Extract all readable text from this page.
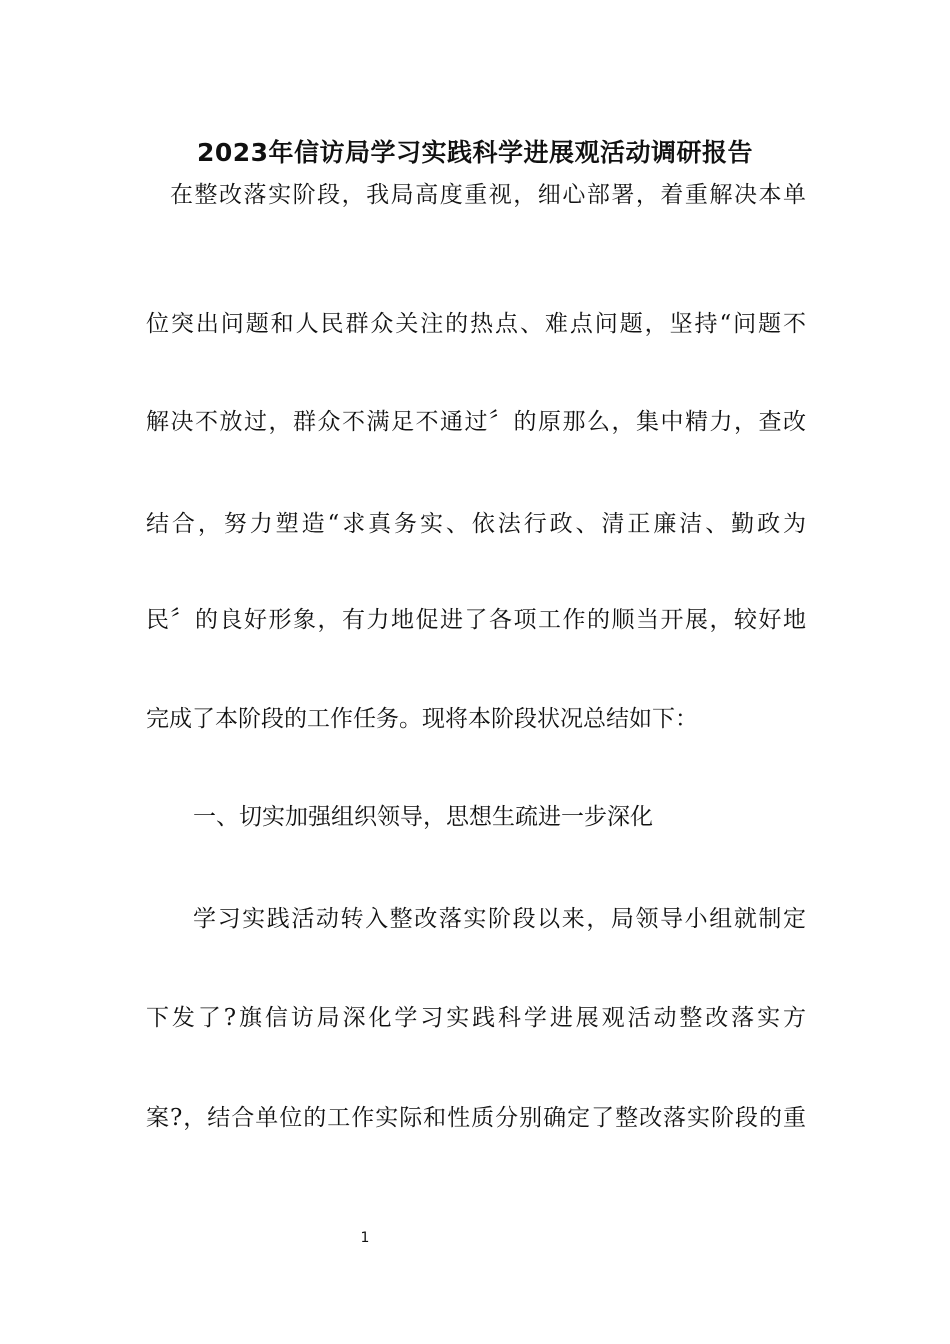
2023年信访局学习实践科学进展观活动调研报告
在整改落实阶段，我局高度重视，细心部署，着重解决本单
位突出问题和人民群众关注的热点、难点问题，坚持“问题不
解决不放过，群众不满足不通过〞的原那么，集中精力，查改
结合，努力塑造“求真务实、依法行政、清正廉洁、勤政为
民〞的良好形象，有力地促进了各项工作的顺当开展，较好地
完成了本阶段的工作任务。现将本阶段状况总结如下：
一、切实加强组织领导，思想生疏进一步深化
学习实践活动转入整改落实阶段以来，局领导小组就制定
下发了?旗信访局深化学习实践科学进展观活动整改落实方
案?，结合单位的工作实际和性质分别确定了整改落实阶段的重
1
